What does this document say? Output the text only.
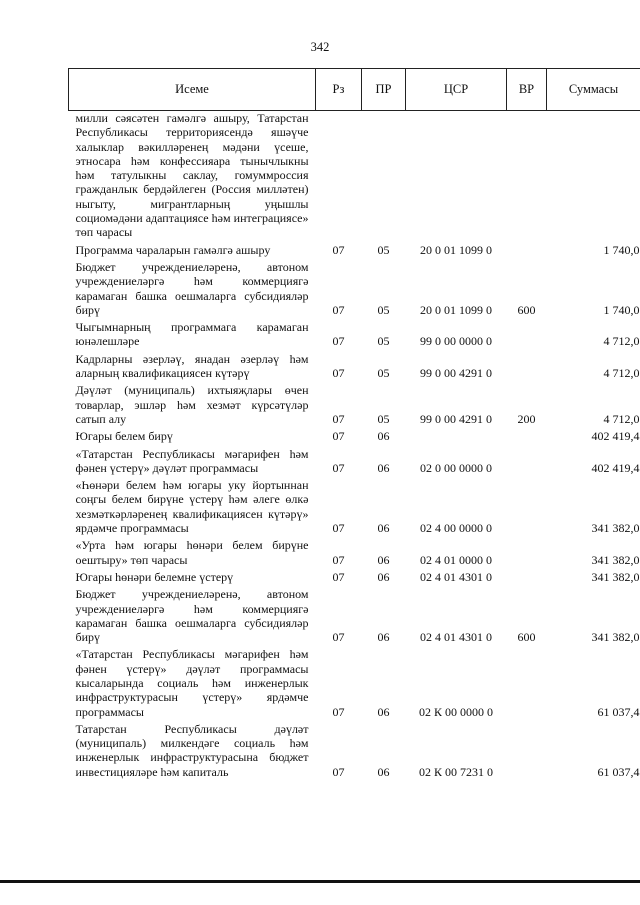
342
Исеме	Рз	ПР	ЦСР	ВР	Суммасы
милли сәясәтен гамәлгә ашыру, Татарстан Республикасы территориясендә яшәүче халыклар вәкилләренең мәдәни үсеше, этносара һәм конфессияара тынычлыкны һәм татулыкны саклау, гомуммроссия гражданлык бердәйлеген (Россия милләтен) ныгыту, мигрантларның уңышлы социомәдәни адаптациясе һәм интеграциясе» төп чарасы					
Программа чараларын гамәлгә ашыру	07	05	20 0 01 1099 0		1 740,0
Бюджет учреждениеләренә, автоном учреждениеләргә һәм коммерциягә карамаган башка оешмаларга субсидияләр бирү	07	05	20 0 01 1099 0	600	1 740,0
Чыгымнарның программага карамаган юнәлешләре	07	05	99 0 00 0000 0		4 712,0
Кадрларны әзерләү, янадан әзерләү һәм аларның квалификациясен күтәрү	07	05	99 0 00 4291 0		4 712,0
Дәүләт (муниципаль) ихтыяҗлары өчен товарлар, эшләр һәм хезмәт күрсәтүләр сатып алу	07	05	99 0 00 4291 0	200	4 712,0
Югары белем бирү	07	06			402 419,4
«Татарстан Республикасы мәгарифен һәм фәнен үстерү» дәүләт программасы	07	06	02 0 00 0000 0		402 419,4
«Һөнәри белем һәм югары уку йортыннан соңгы белем бирүне үстерү һәм әлеге өлкә хезмәткәрләренең квалификациясен күтәрү» ярдәмче программасы	07	06	02 4 00 0000 0		341 382,0
«Урта һәм югары һөнәри белем бирүне оештыру» төп чарасы	07	06	02 4 01 0000 0		341 382,0
Югары һөнәри белемне үстерү	07	06	02 4 01 4301 0		341 382,0
Бюджет учреждениеләренә, автоном учреждениеләргә һәм коммерциягә карамаган башка оешмаларга субсидияләр бирү	07	06	02 4 01 4301 0	600	341 382,0
«Татарстан Республикасы мәгарифен һәм фәнен үстерү» дәүләт программасы кысаларында социаль һәм инженерлык инфраструктурасын үстерү» ярдәмче программасы	07	06	02 К 00 0000 0		61 037,4
Татарстан Республикасы дәүләт (муниципаль) милкендәге социаль һәм инженерлык инфраструктурасына бюджет инвестицияләре һәм капиталь	07	06	02 К 00 7231 0		61 037,4
